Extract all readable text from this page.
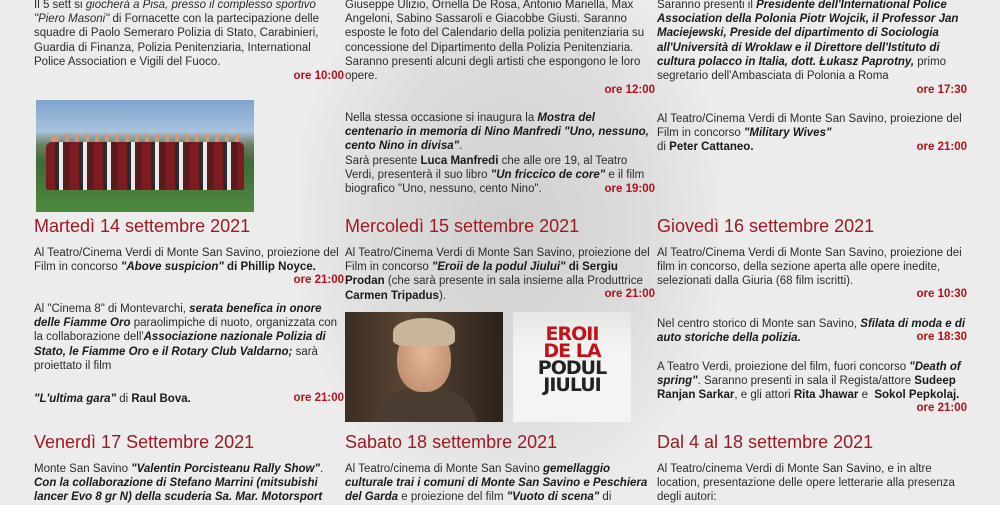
Il 5 sett si giocherà a Pisa, presso il complesso sportivo "Piero Masoni" di Fornacette con la partecipazione delle squadre di Paolo Semeraro Polizia di Stato, Carabinieri, Guardia di Finanza, Polizia Penitenziaria, International Police Association e Vigili del Fuoco.

ore 10:00
Martedì 14 settembre 2021

Al Teatro/Cinema Verdi di Monte San Savino, proiezione del Film in concorso "Above suspicion" di Phillip Noyce.

ore 21:00

Al "Cinema 8" di Montevarchi, serata benefica in onore delle Fiamme Oro paraolimpiche di nuoto, organizzata con la collaborazione dell'Associazione nazionale Polizia di Stato, le Fiamme Oro e il Rotary Club Valdarno; sarà proiettato il film

"L'ultima gara" di Raul Bova.	ore 21:00
Venerdì 17 Settembre 2021

Monte San Savino "Valentin Porcisteanu Rally Show". Con la collaborazione di Stefano Marrini (mitsubishi lancer Evo 8 gr N) della scuderia Sa. Mar. Motorsport

Giuseppe Ulizio, Ornella De Rosa, Antonio Mariella, Max Angeloni, Sabino Sassaroli e Giacobbe Giusti. Saranno esposte le foto del Calendario della polizia penitenziaria su concessione del Dipartimento della Polizia Penitenziaria.
Saranno presenti alcuni degli artisti che espongono le loro opere.

ore 12:00

Nella stessa occasione si inaugura la Mostra del centenario in memoria di Nino Manfredi "Uno, nessuno, cento Nino in divisa".
Sarà presente Luca Manfredi che alle ore 19, al Teatro Verdi, presenterà il suo libro "Un friccico de core" e il film biografico "Uno, nessuno, cento Nino".	ore 19:00
Mercoledì 15 settembre 2021

Al Teatro/Cinema Verdi di Monte San Savino, proiezione del Film in concorso "Eroii de la podul Jiului" di Sergiu Prodan (che sarà presente in sala insieme alla Produttrice Carmen Tripadus).	ore 21:00
EROII
DE LA
PODUL
JIULUI
Sabato 18 settembre 2021

Al Teatro/cinema di Monte San Savino gemellaggio culturale trai i comuni di Monte San Savino e Peschiera del Garda e proiezione del film "Vuoto di scena" di

Saranno presenti il Presidente dell'International Police Association della Polonia Piotr Wojcik, il Professor Jan Maciejewski, Preside del dipartimento di Sociologia all'Università di Wroklaw e il Direttore dell'Istituto di cultura polacco in Italia, dott. Łukasz Paprotny, primo segretario dell'Ambasciata di Polonia a Roma

ore 17:30

Al Teatro/Cinema Verdi di Monte San Savino, proiezione del Film in concorso "Military Wives"
di Peter Cattaneo.	ore 21:00
Giovedì 16 settembre 2021

Al Teatro/Cinema Verdi di Monte San Savino, proiezione dei film in concorso, della sezione aperta alle opere inedite, selezionati dalla Giuria (68 film iscritti).

ore 10:30

Nel centro storico di Monte san Savino, Sfilata di moda e di auto storiche della polizia.	ore 18:30

A Teatro Verdi, proiezione del film, fuori concorso "Death of spring". Saranno presenti in sala il Regista/attore Sudeep Ranjan Sarkar, e gli attori Rita Jhawar e  Sokol Pepkolaj.

ore 21:00
Dal 4 al 18 settembre 2021

Al Teatro/cinema Verdi di Monte San Savino, e in altre location, presentazione delle opere letterarie alla presenza degli autori:
